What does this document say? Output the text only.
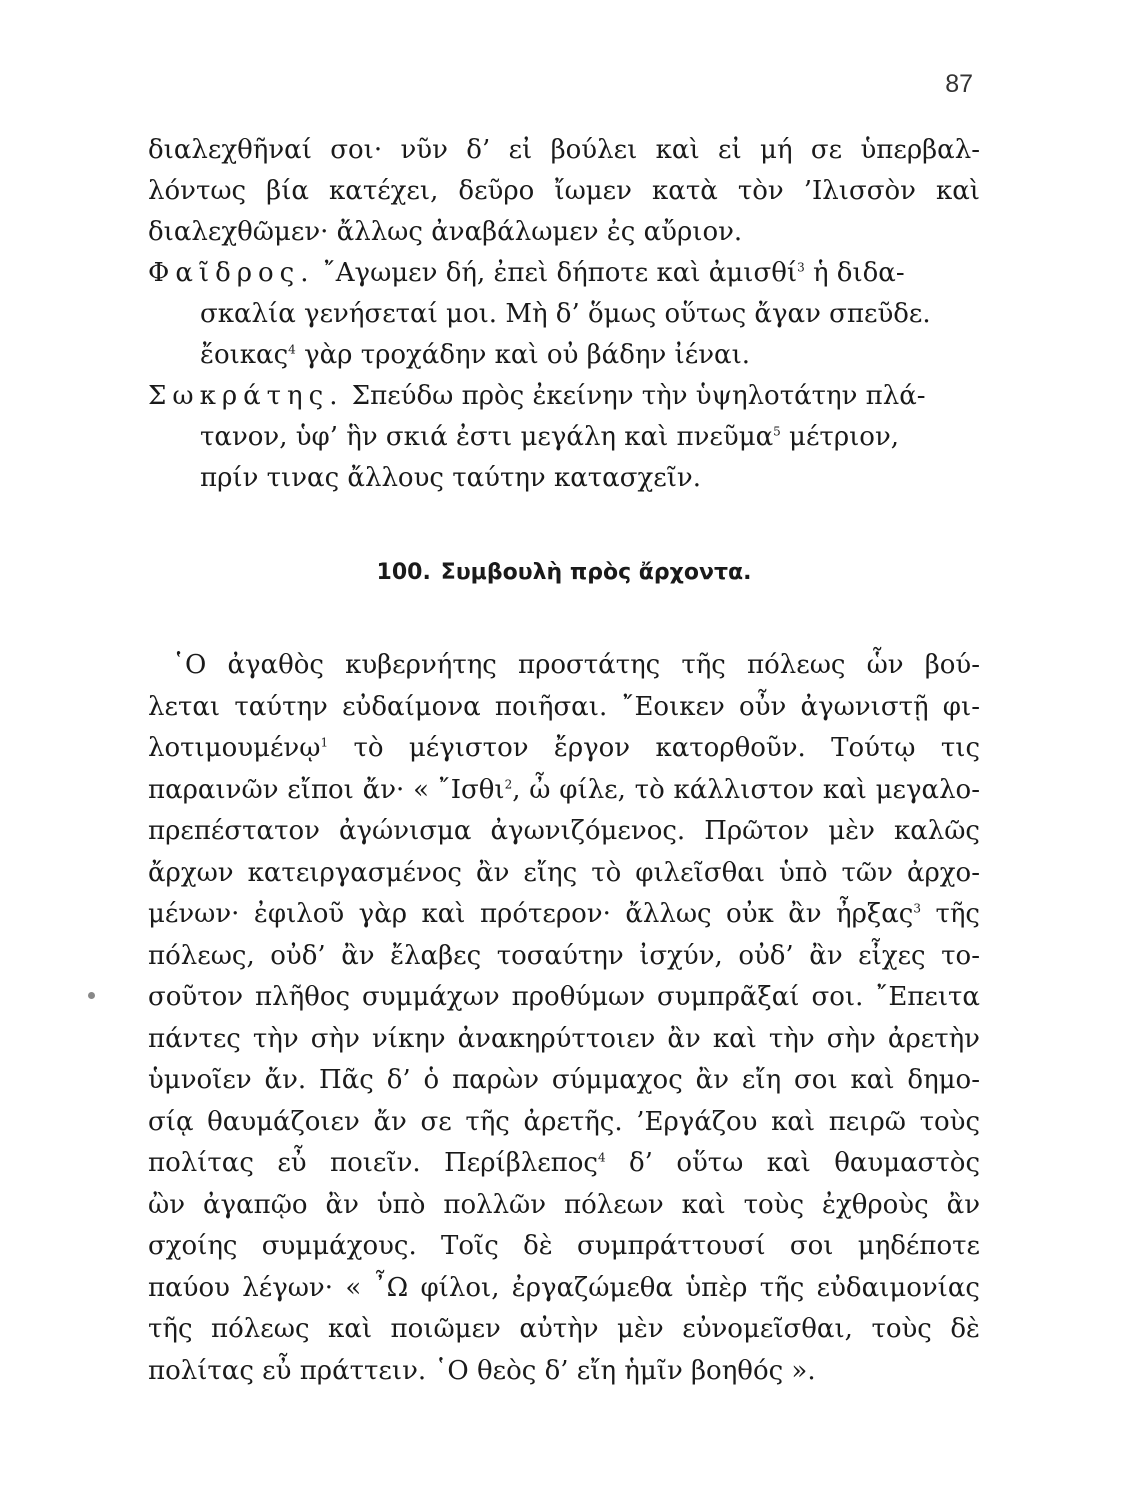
87
διαλεχθῆναί σοι· νῦν δ’ εἰ βούλει καὶ εἰ μή σε ὑπερβαλ-
λόντως βία κατέχει, δεῦρο ἴωμεν κατὰ τὸν ’Ιλισσὸν καὶ
διαλεχθῶμεν· ἄλλως ἀναβάλωμεν ἐς αὔριον.
Φαῖδρος. ῎Αγωμεν δή, ἐπεὶ δήποτε καὶ ἀμισθί$^3$ ἡ διδα-
σκαλία γενήσεταί μοι. Μὴ δ’ ὅμως οὕτως ἄγαν σπεῦδε.
ἔοικας$^4$ γὰρ τροχάδην καὶ οὐ βάδην ἰέναι.
Σωκράτης. Σπεύδω πρὸς ἐκείνην τὴν ὑψηλοτάτην πλά-
τανον, ὑφ’ ἣν σκιά ἐστι μεγάλη καὶ πνεῦμα$^5$ μέτριον,
πρίν τινας ἄλλους ταύτην κατασχεῖν.
100. Συμβουλὴ πρὸς ἄρχοντα.
῾Ο ἀγαθὸς κυβερνήτης προστάτης τῆς πόλεως ὧν βού-
λεται ταύτην εὐδαίμονα ποιῆσαι. ῎Εοικεν οὖν ἀγωνιστῇ φι-
λοτιμουμένῳ$^1$ τὸ μέγιστον ἔργον κατορθοῦν. Τούτῳ τις
παραινῶν εἴποι ἄν· « ῎Ισθι$^2$, ὦ φίλε, τὸ κάλλιστον καὶ μεγαλο-
πρεπέστατον ἀγώνισμα ἀγωνιζόμενος. Πρῶτον μὲν καλῶς
ἄρχων κατειργασμένος ἂν εἴης τὸ φιλεῖσθαι ὑπὸ τῶν ἀρχο-
μένων· ἐφιλοῦ γὰρ καὶ πρότερον· ἄλλως οὐκ ἂν ἦρξας$^3$ τῆς
πόλεως, οὐδ’ ἂν ἔλαβες τοσαύτην ἰσχύν, οὐδ’ ἂν εἶχες το-
σοῦτον πλῆθος συμμάχων προθύμων συμπρᾶξαί σοι. ῎Επειτα
πάντες τὴν σὴν νίκην ἀνακηρύττοιεν ἂν καὶ τὴν σὴν ἀρετὴν
ὑμνοῖεν ἄν. Πᾶς δ’ ὁ παρὼν σύμμαχος ἂν εἴη σοι καὶ δημο-
σίᾳ θαυμάζοιεν ἄν σε τῆς ἀρετῆς. ’Εργάζου καὶ πειρῶ τοὺς
πολίτας εὖ ποιεῖν. Περίβλεπος$^4$ δ’ οὕτω καὶ θαυμαστὸς
ὢν ἀγαπῷο ἂν ὑπὸ πολλῶν πόλεων καὶ τοὺς ἐχθροὺς ἂν
σχοίης συμμάχους. Τοῖς δὲ συμπράττουσί σοι μηδέποτε
παύου λέγων· « ῏Ω φίλοι, ἐργαζώμεθα ὑπὲρ τῆς εὐδαιμονίας
τῆς πόλεως καὶ ποιῶμεν αὐτὴν μὲν εὐνομεῖσθαι, τοὺς δὲ
πολίτας εὖ πράττειν. ῾Ο θεὸς δ’ εἴη ἡμῖν βοηθός ».
